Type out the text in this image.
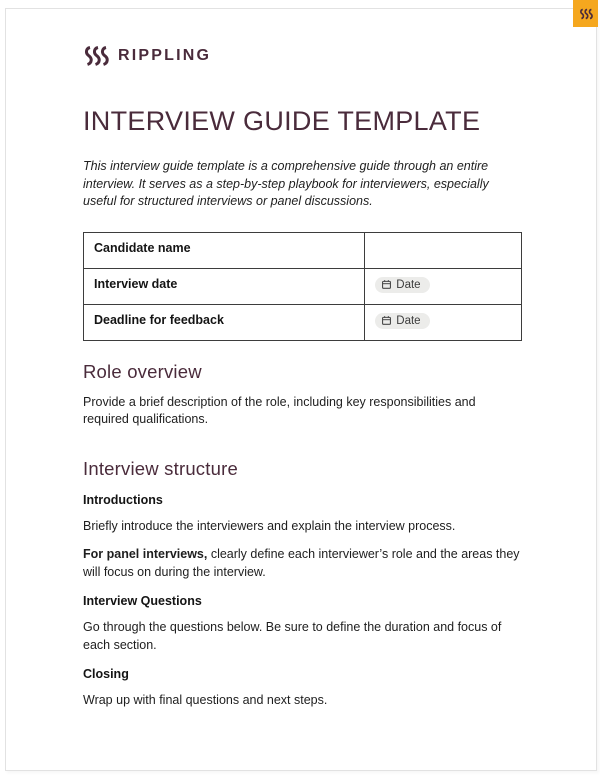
RIPPLING
INTERVIEW GUIDE TEMPLATE

This interview guide template is a comprehensive guide through an entire interview. It serves as a step-by-step playbook for interviewers, especially useful for structured interviews or panel discussions.

Candidate name	
Interview date	Date

Deadline for feedback	Date
Role overview

Provide a brief description of the role, including key responsibilities and required qualifications.

Interview structure

Introductions

Briefly introduce the interviewers and explain the interview process.

For panel interviews, clearly define each interviewer’s role and the areas they will focus on during the interview.

Interview Questions

Go through the questions below. Be sure to define the duration and focus of each section.

Closing

Wrap up with final questions and next steps.
